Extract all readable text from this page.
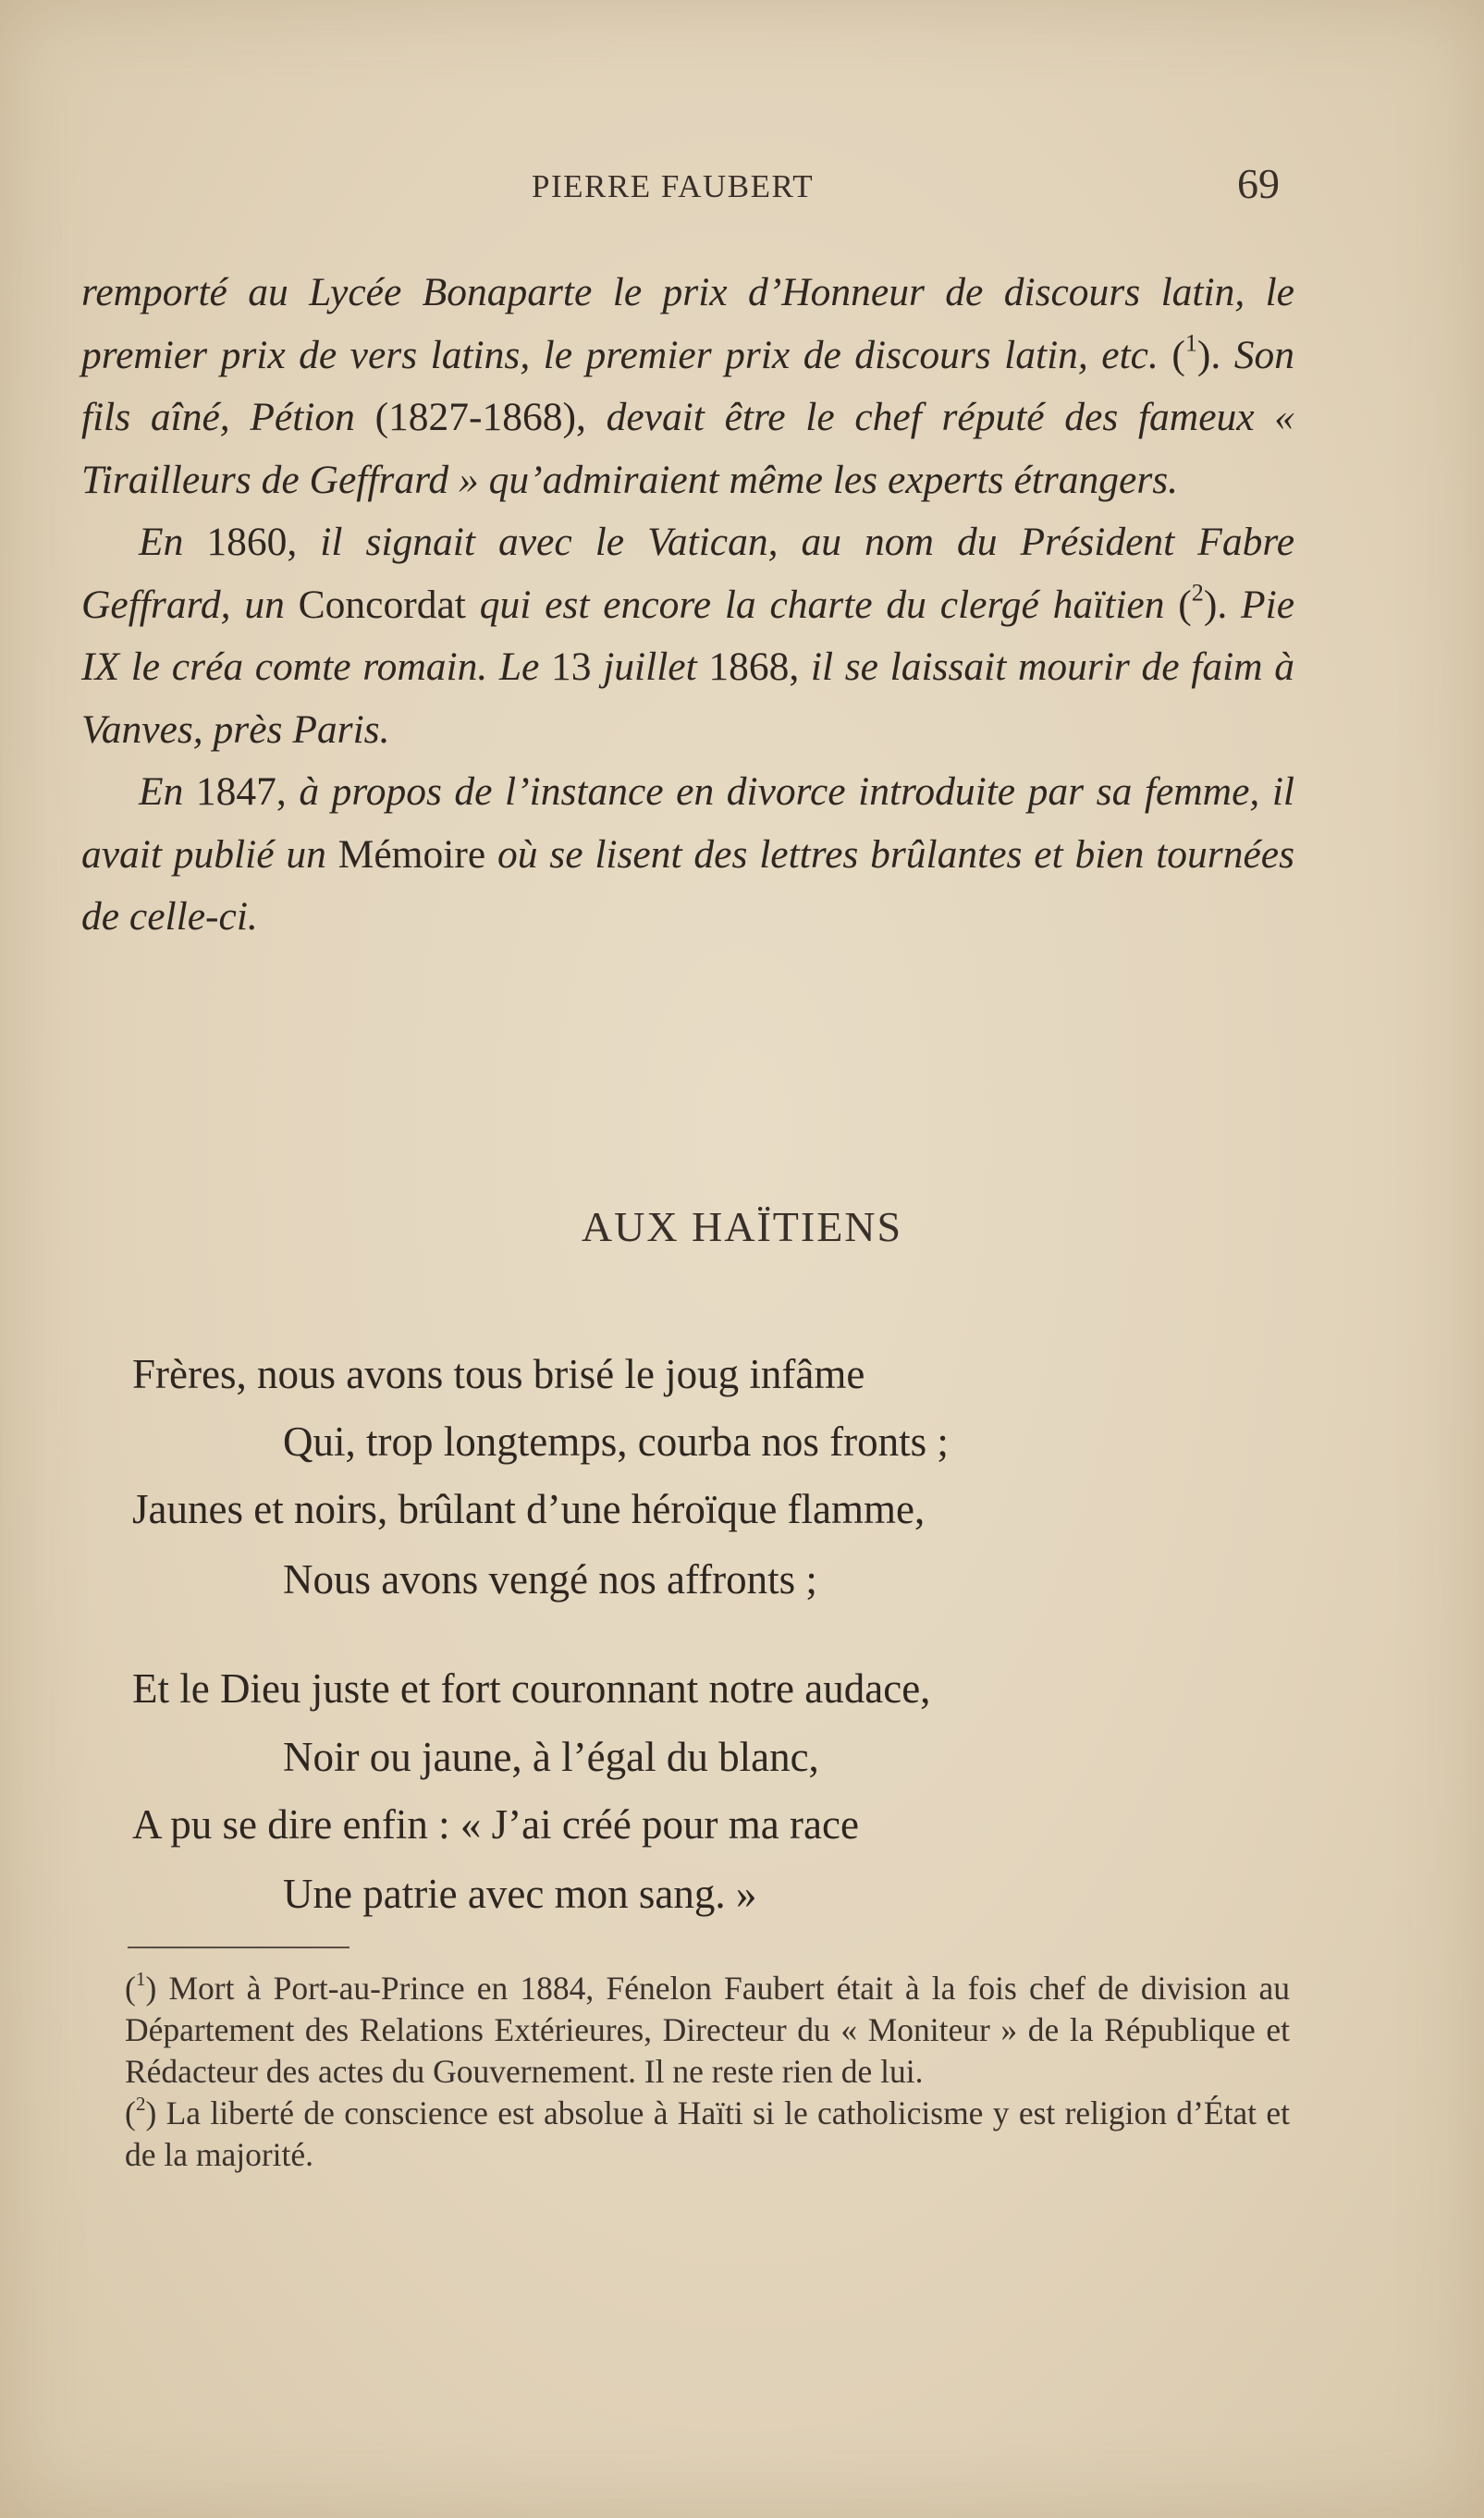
PIERRE FAUBERT	69

remporté au Lycée Bonaparte le prix d’Honneur de discours latin, le premier prix de vers latins, le premier prix de discours latin, etc. ($^1$). Son fils aîné, Pétion (1827-1868), devait être le chef réputé des fameux « Tirailleurs de Geffrard » qu’admiraient même les experts étrangers.

En 1860, il signait avec le Vatican, au nom du Président Fabre Geffrard, un Concordat qui est encore la charte du clergé haïtien ($^2$). Pie IX le créa comte romain. Le 13 juillet 1868, il se laissait mourir de faim à Vanves, près Paris.

En 1847, à propos de l’instance en divorce introduite par sa femme, il avait publié un Mémoire où se lisent des lettres brûlantes et bien tournées de celle-ci.

AUX HAÏTIENS
Frères, nous avons tous brisé le joug infâme
Qui, trop longtemps, courba nos fronts ;
Jaunes et noirs, brûlant d’une héroïque flamme,
Nous avons vengé nos affronts ;
Et le Dieu juste et fort couronnant notre audace,
Noir ou jaune, à l’égal du blanc,
A pu se dire enfin : « J’ai créé pour ma race
Une patrie avec mon sang. »

($^1$) Mort à Port-au-Prince en 1884, Fénelon Faubert était à la fois chef de division au Département des Relations Extérieures, Directeur du « Moniteur » de la République et Rédacteur des actes du Gouvernement. Il ne reste rien de lui.

($^2$) La liberté de conscience est absolue à Haïti si le catholicisme y est religion d’État et de la majorité.
